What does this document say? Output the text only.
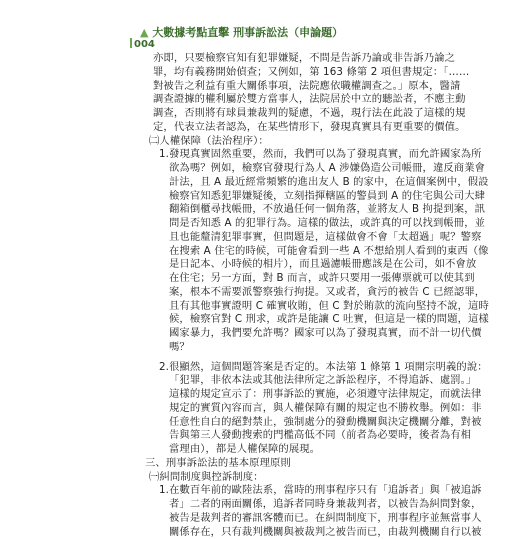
▲ 大數據考點直擊 刑事訴訟法（申論題）
004
亦即，只要檢察官知有犯罪嫌疑，不問是告訴乃論或非告訴乃論之
罪，均有義務開始偵查；又例如，第 163 條第 2 項但書規定：「……
對被告之利益有重大關係事項，法院應依職權調查之。」原本，醫請
調查證據的權利屬於雙方當事人，法院居於中立的聽訟者，不應主動
調查，否則將有球員兼裁判的疑慮，不過，現行法在此設了這樣的規
定，代表立法者認為，在某些情形下，發現真實具有更重要的價值。
㈡人權保障（法治程序）：
1.發現真實固然重要，然而，我們可以為了發現真實，而允許國家為所
欲為嗎？例如，檢察官發現行為人 A 涉嫌偽造公司帳冊，違反商業會
計法，且 A 最近經常頻繁的進出友人 B 的家中，在這個案例中，假設
檢察官知悉犯罪嫌疑後，立刻指揮轄區的警員到 A 的住宅與公司大肆
翻箱倒櫃尋找帳冊，不放過任何一個角落，並將友人 B 拘提到案，訊
問是否知悉 A 的犯罪行為。這樣的做法，或許真的可以找到帳冊，並
且也能釐清犯罪事實，但問題是，這樣做會不會「太超過」呢？警察
在搜索 A 住宅的時候，可能會看到一些 A 不想給別人看到的東西（像
是日記本、小時候的相片），而且過濾帳冊應該是在公司，如不會放
在住宅；另一方面，對 B 而言，或許只要用一張傳票就可以使其到
案，根本不需要派警察強行拘提。又或者，貪污的被告 C 已經認罪，
且有其他事實證明 C 確實收賄，但 C 對於賄款的流向堅持不說，這時
候，檢察官對 C 刑求，或許是能讓 C 吐實，但這是一樣的問題，這樣
國家暴力，我們要允許嗎？國家可以為了發現真實，而不計一切代價
嗎？
2.很顯然，這個問題答案是否定的。本法第 1 條第 1 項開宗明義的說：
「犯罪，非依本法或其他法律所定之訴訟程序，不得追訴、處罰。」
這樣的規定宣示了：刑事訴訟的實施，必須遵守法律規定，而就法律
規定的實質內容而言，與人權保障有關的規定也不勝枚舉。例如：非
任意性自白的絕對禁止，強制處分的發動機關與決定機關分離，對被
告與第三人發動搜索的門檻高低不同（前者為必要時，後者為有相
當理由），都是人權保障的展現。
三、刑事訴訟法的基本原理原則
㈠糾問制度與控訴制度：
1.在數百年前的歐陸法系，當時的刑事程序只有「追訴者」與「被追訴
者」二者的兩面關係，追訴者同時身兼裁判者，以被告為糾問對象，
被告是裁判者的審訊客體而已。在糾問制度下，刑事程序並無當事人
關係存在，只有裁判機關與被裁判之被告而已，由裁判機關自行以被
